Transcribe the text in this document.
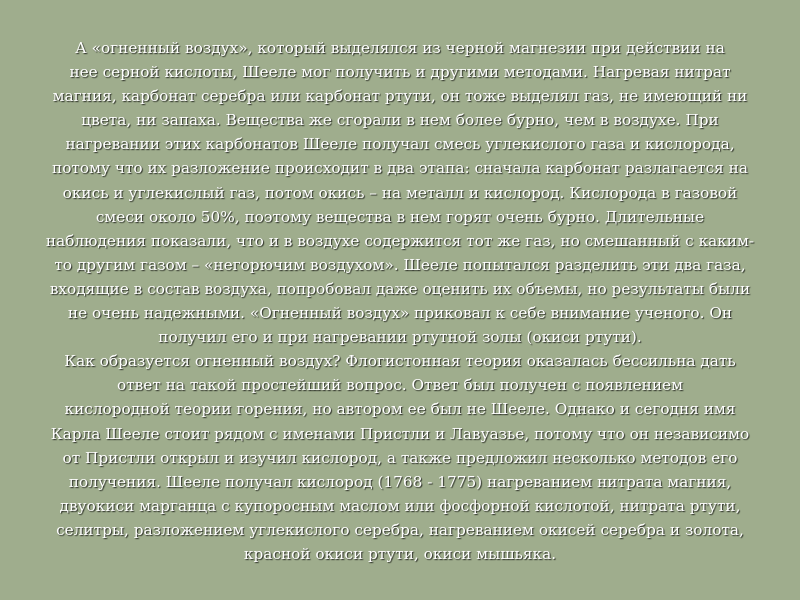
А «огненный воздух», который выделялся из черной магнезии при действии на
нее серной кислоты, Шееле мог получить и другими методами. Нагревая нитрат
магния, карбонат серебра или карбонат ртути, он тоже выделял газ, не имеющий ни
цвета, ни запаха. Вещества же сгорали в нем более бурно, чем в воздухе. При
нагревании этих карбонатов Шееле получал смесь углекислого газа и кислорода,
потому что их разложение происходит в два этапа: сначала карбонат разлагается на
окись и углекислый газ, потом окись – на металл и кислород. Кислорода в газовой
смеси около 50%, поэтому вещества в нем горят очень бурно. Длительные
наблюдения показали, что и в воздухе содержится тот же газ, но смешанный с каким-
то другим газом – «негорючим воздухом». Шееле попытался разделить эти два газа,
входящие в состав воздуха, попробовал даже оценить их объемы, но результаты были
не очень надежными. «Огненный воздух» приковал к себе внимание ученого. Он
получил его и при нагревании ртутной золы (окиси ртути).
Как образуется огненный воздух? Флогистонная теория оказалась бессильна дать
ответ на такой простейший вопрос. Ответ был получен с появлением
кислородной теории горения, но автором ее был не Шееле. Однако и сегодня имя
Карла Шееле стоит рядом с именами Пристли и Лавуазье, потому что он независимо
от Пристли открыл и изучил кислород, а также предложил несколько методов его
получения. Шееле получал кислород (1768 - 1775) нагреванием нитрата магния,
двуокиси марганца с купоросным маслом или фосфорной кислотой, нитрата ртути,
селитры, разложением углекислого серебра, нагреванием окисей серебра и золота,
красной окиси ртути, окиси мышьяка.
